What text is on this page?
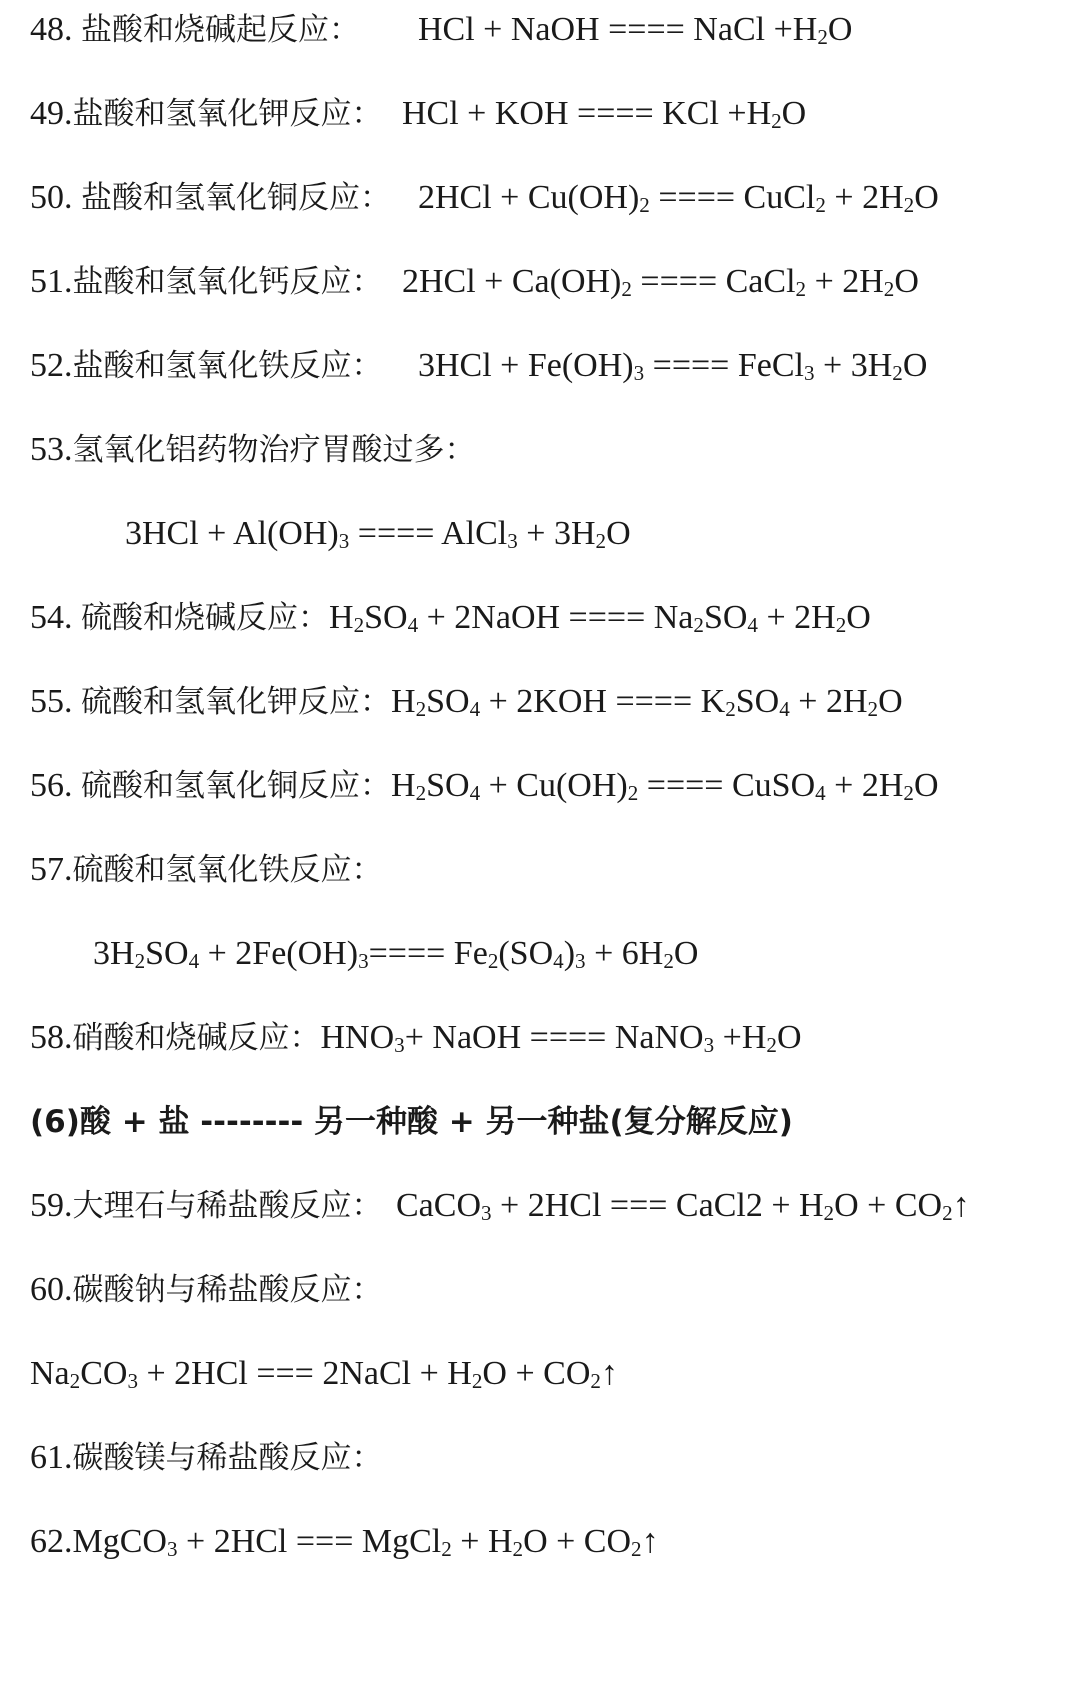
48. 盐酸和烧碱起反应： HCl + NaOH ==== NaCl $+H_2O$
49.盐酸和氢氧化钾反应： HCl + KOH ==== KCl $+H_2O$
50. 盐酸和氢氧化铜反应： $2HCl + Cu(OH)_2$ ==== CuCl$_2$ + $2H_2O$
51.盐酸和氢氧化钙反应： $2HCl + Ca(OH)_2$ ==== CaCl$_2$ + $2H_2O$
52.盐酸和氢氧化铁反应： $3HCl + Fe(OH)_3$ ==== FeCl$_3$ + $3H_2O$
53.氢氧化铝药物治疗胃酸过多：
$3HCl + Al(OH)_3$ ==== AlCl$_3$ + $3H_2O$
54. 硫酸和烧碱反应：$H_2SO_4$ + 2NaOH ==== $Na_2SO_4 + 2H_2O$
55. 硫酸和氢氧化钾反应：$H_2SO_4 + 2KOH$ ==== $K_2SO_4 + 2H_2O$
56. 硫酸和氢氧化铜反应：$H_2SO_4 + Cu(OH)_2$ ==== CuSO$_4$ + $2H_2O$
57.硫酸和氢氧化铁反应：
$3H_2SO_4 + 2Fe(OH)_3==== Fe_2(SO_4)_3 + 6H_2O$
58.硝酸和烧碱反应：$HNO_3+$ NaOH ==== NaNO$_3$ $+H_2O$
(6)酸 + 盐 -------- 另一种酸 + 另一种盐(复分解反应)
59.大理石与稀盐酸反应： CaCO$_3$ + 2HCl === CaCl2 + $H_2O$ + $CO_2↑$
60.碳酸钠与稀盐酸反应：
$Na_2CO_3 + 2HCl$ === 2NaCl + $H_2O$ + $CO_2↑$
61.碳酸镁与稀盐酸反应：
62.MgCO$_3$ + 2HCl === MgCl$_2$ + $H_2O$ + $CO_2↑$
